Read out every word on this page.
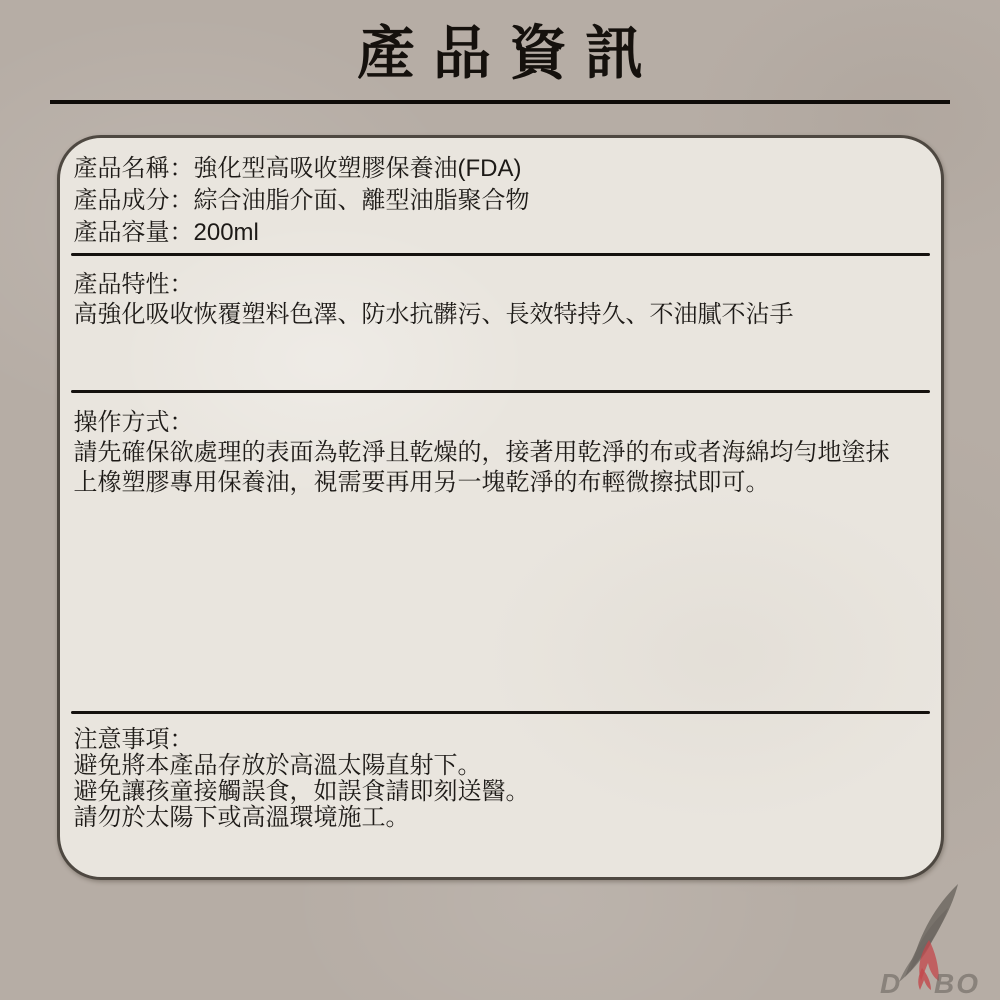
產品資訊

產品名稱：強化型高吸收塑膠保養油(FDA)

產品成分：綜合油脂介面、離型油脂聚合物

產品容量：200ml

產品特性：

高強化吸收恢覆塑料色澤、防水抗髒污、長效特持久、不油膩不沾手

操作方式：

請先確保欲處理的表面為乾淨且乾燥的，接著用乾淨的布或者海綿均勻地塗抹

上橡塑膠專用保養油，視需要再用另一塊乾淨的布輕微擦拭即可。

注意事項：

避免將本產品存放於高溫太陽直射下。

避免讓孩童接觸誤食，如誤食請即刻送醫。

請勿於太陽下或高溫環境施工。

D BO
